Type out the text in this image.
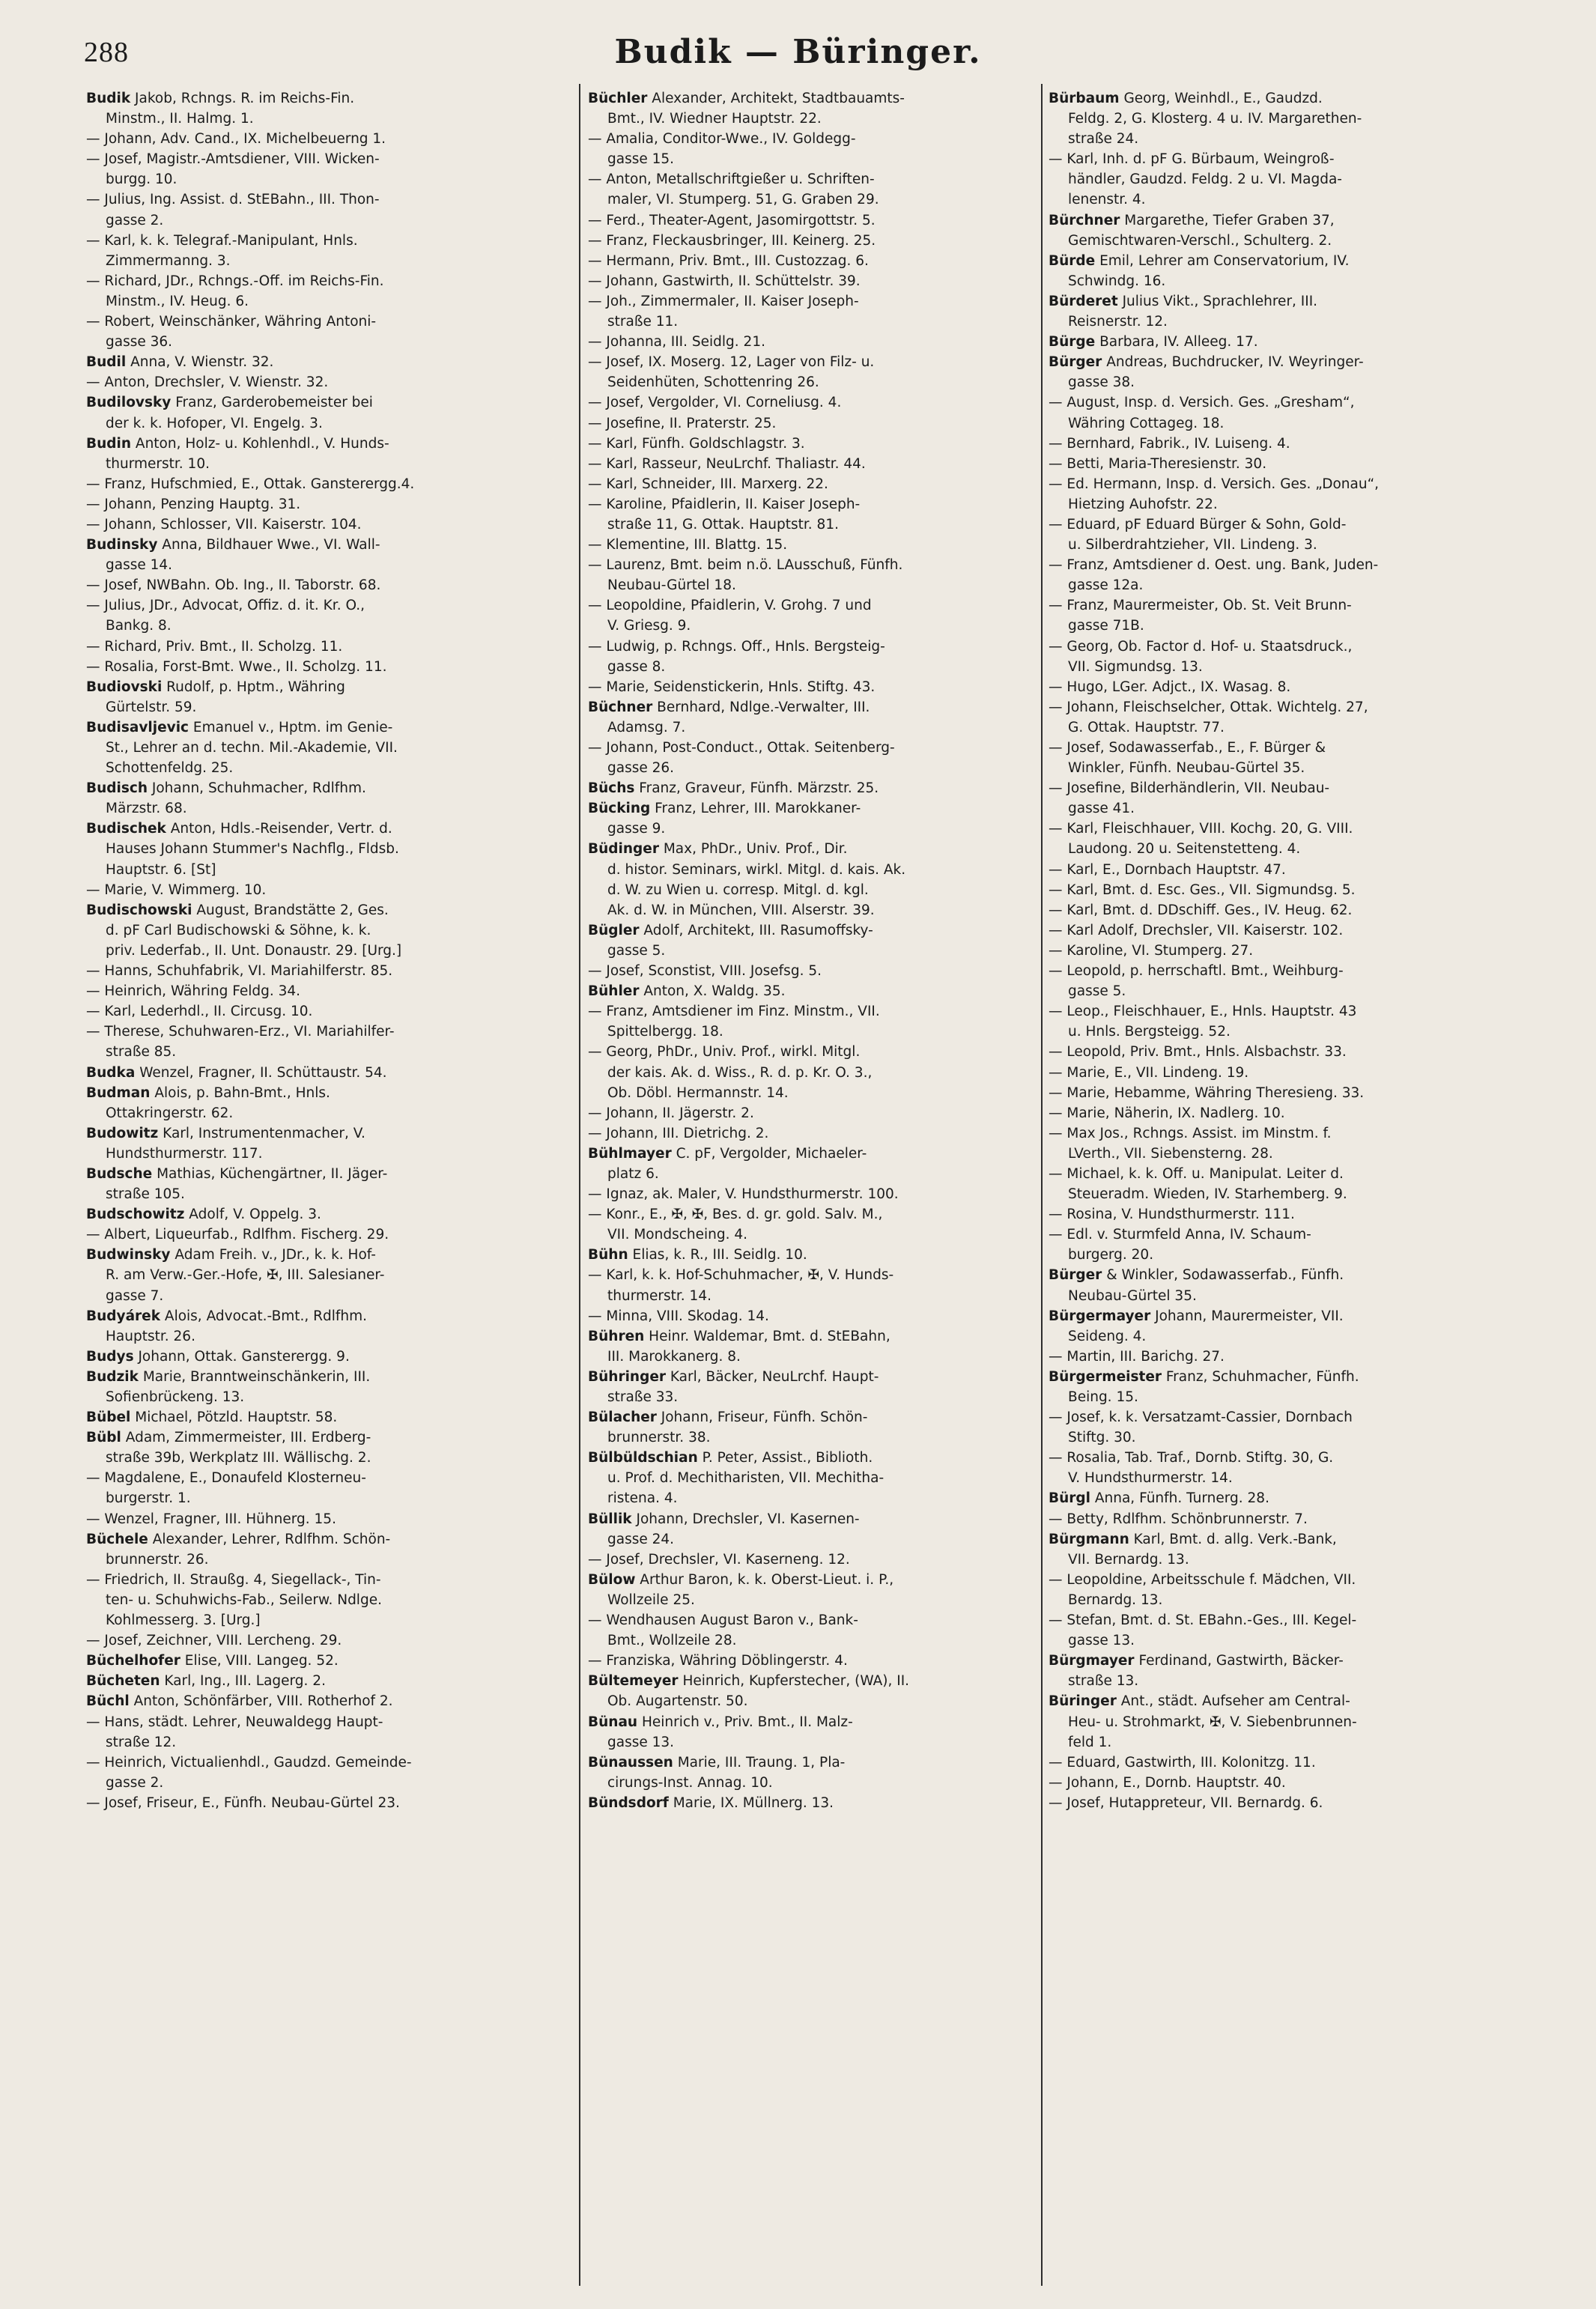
288	Budik — Büringer.
Budik Jakob, Rchngs. R. im Reichs-Fin.
Minstm., II. Halmg. 1.
— Johann, Adv. Cand., IX. Michelbeuerng 1.
— Josef, Magistr.-Amtsdiener, VIII. Wicken-
burgg. 10.
— Julius, Ing. Assist. d. StEBahn., III. Thon-
gasse 2.
— Karl, k. k. Telegraf.-Manipulant, Hnls.
Zimmermanng. 3.
— Richard, JDr., Rchngs.-Off. im Reichs-Fin.
Minstm., IV. Heug. 6.
— Robert, Weinschänker, Währing Antoni-
gasse 36.
Budil Anna, V. Wienstr. 32.
— Anton, Drechsler, V. Wienstr. 32.
Budilovsky Franz, Garderobemeister bei
der k. k. Hofoper, VI. Engelg. 3.
Budin Anton, Holz- u. Kohlenhdl., V. Hunds-
thurmerstr. 10.
— Franz, Hufschmied, E., Ottak. Gansterergg.4.
— Johann, Penzing Hauptg. 31.
— Johann, Schlosser, VII. Kaiserstr. 104.
Budinsky Anna, Bildhauer Wwe., VI. Wall-
gasse 14.
— Josef, NWBahn. Ob. Ing., II. Taborstr. 68.
— Julius, JDr., Advocat, Offiz. d. it. Kr. O.,
Bankg. 8.
— Richard, Priv. Bmt., II. Scholzg. 11.
— Rosalia, Forst-Bmt. Wwe., II. Scholzg. 11.
Budiovski Rudolf, p. Hptm., Währing
Gürtelstr. 59.
Budisavljevic Emanuel v., Hptm. im Genie-
St., Lehrer an d. techn. Mil.-Akademie, VII.
Schottenfeldg. 25.
Budisch Johann, Schuhmacher, Rdlfhm.
Märzstr. 68.
Budischek Anton, Hdls.-Reisender, Vertr. d.
Hauses Johann Stummer's Nachflg., Fldsb.
Hauptstr. 6. [St]
— Marie, V. Wimmerg. 10.
Budischowski August, Brandstätte 2, Ges.
d. pF Carl Budischowski & Söhne, k. k.
priv. Lederfab., II. Unt. Donaustr. 29. [Urg.]
— Hanns, Schuhfabrik, VI. Mariahilferstr. 85.
— Heinrich, Währing Feldg. 34.
— Karl, Lederhdl., II. Circusg. 10.
— Therese, Schuhwaren-Erz., VI. Mariahilfer-
straße 85.
Budka Wenzel, Fragner, II. Schüttaustr. 54.
Budman Alois, p. Bahn-Bmt., Hnls.
Ottakringerstr. 62.
Budowitz Karl, Instrumentenmacher, V.
Hundsthurmerstr. 117.
Budsche Mathias, Küchengärtner, II. Jäger-
straße 105.
Budschowitz Adolf, V. Oppelg. 3.
— Albert, Liqueurfab., Rdlfhm. Fischerg. 29.
Budwinsky Adam Freih. v., JDr., k. k. Hof-
R. am Verw.-Ger.-Hofe, ✠, III. Salesianer-
gasse 7.
Budyárek Alois, Advocat.-Bmt., Rdlfhm.
Hauptstr. 26.
Budys Johann, Ottak. Gansterergg. 9.
Budzik Marie, Branntweinschänkerin, III.
Sofienbrückeng. 13.
Bübel Michael, Pötzld. Hauptstr. 58.
Bübl Adam, Zimmermeister, III. Erdberg-
straße 39b, Werkplatz III. Wällischg. 2.
— Magdalene, E., Donaufeld Klosterneu-
burgerstr. 1.
— Wenzel, Fragner, III. Hühnerg. 15.
Büchele Alexander, Lehrer, Rdlfhm. Schön-
brunnerstr. 26.
— Friedrich, II. Straußg. 4, Siegellack-, Tin-
ten- u. Schuhwichs-Fab., Seilerw. Ndlge.
Kohlmesserg. 3. [Urg.]
— Josef, Zeichner, VIII. Lercheng. 29.
Büchelhofer Elise, VIII. Langeg. 52.
Bücheten Karl, Ing., III. Lagerg. 2.
Büchl Anton, Schönfärber, VIII. Rotherhof 2.
— Hans, städt. Lehrer, Neuwaldegg Haupt-
straße 12.
— Heinrich, Victualienhdl., Gaudzd. Gemeinde-
gasse 2.
— Josef, Friseur, E., Fünfh. Neubau-Gürtel 23.
Büchler Alexander, Architekt, Stadtbauamts-
Bmt., IV. Wiedner Hauptstr. 22.
— Amalia, Conditor-Wwe., IV. Goldegg-
gasse 15.
— Anton, Metallschriftgießer u. Schriften-
maler, VI. Stumperg. 51, G. Graben 29.
— Ferd., Theater-Agent, Jasomirgottstr. 5.
— Franz, Fleckausbringer, III. Keinerg. 25.
— Hermann, Priv. Bmt., III. Custozzag. 6.
— Johann, Gastwirth, II. Schüttelstr. 39.
— Joh., Zimmermaler, II. Kaiser Joseph-
straße 11.
— Johanna, III. Seidlg. 21.
— Josef, IX. Moserg. 12, Lager von Filz- u.
Seidenhüten, Schottenring 26.
— Josef, Vergolder, VI. Corneliusg. 4.
— Josefine, II. Praterstr. 25.
— Karl, Fünfh. Goldschlagstr. 3.
— Karl, Rasseur, NeuLrchf. Thaliastr. 44.
— Karl, Schneider, III. Marxerg. 22.
— Karoline, Pfaidlerin, II. Kaiser Joseph-
straße 11, G. Ottak. Hauptstr. 81.
— Klementine, III. Blattg. 15.
— Laurenz, Bmt. beim n.ö. LAusschuß, Fünfh.
Neubau-Gürtel 18.
— Leopoldine, Pfaidlerin, V. Grohg. 7 und
V. Griesg. 9.
— Ludwig, p. Rchngs. Off., Hnls. Bergsteig-
gasse 8.
— Marie, Seidenstickerin, Hnls. Stiftg. 43.
Büchner Bernhard, Ndlge.-Verwalter, III.
Adamsg. 7.
— Johann, Post-Conduct., Ottak. Seitenberg-
gasse 26.
Büchs Franz, Graveur, Fünfh. Märzstr. 25.
Bücking Franz, Lehrer, III. Marokkaner-
gasse 9.
Büdinger Max, PhDr., Univ. Prof., Dir.
d. histor. Seminars, wirkl. Mitgl. d. kais. Ak.
d. W. zu Wien u. corresp. Mitgl. d. kgl.
Ak. d. W. in München, VIII. Alserstr. 39.
Bügler Adolf, Architekt, III. Rasumoffsky-
gasse 5.
— Josef, Sconstist, VIII. Josefsg. 5.
Bühler Anton, X. Waldg. 35.
— Franz, Amtsdiener im Finz. Minstm., VII.
Spittelbergg. 18.
— Georg, PhDr., Univ. Prof., wirkl. Mitgl.
der kais. Ak. d. Wiss., R. d. p. Kr. O. 3.,
Ob. Döbl. Hermannstr. 14.
— Johann, II. Jägerstr. 2.
— Johann, III. Dietrichg. 2.
Bühlmayer C. pF, Vergolder, Michaeler-
platz 6.
— Ignaz, ak. Maler, V. Hundsthurmerstr. 100.
— Konr., E., ✠, ✠, Bes. d. gr. gold. Salv. M.,
VII. Mondscheing. 4.
Bühn Elias, k. R., III. Seidlg. 10.
— Karl, k. k. Hof-Schuhmacher, ✠, V. Hunds-
thurmerstr. 14.
— Minna, VIII. Skodag. 14.
Bühren Heinr. Waldemar, Bmt. d. StEBahn,
III. Marokkanerg. 8.
Bühringer Karl, Bäcker, NeuLrchf. Haupt-
straße 33.
Bülacher Johann, Friseur, Fünfh. Schön-
brunnerstr. 38.
Bülbüldschian P. Peter, Assist., Biblioth.
u. Prof. d. Mechitharisten, VII. Mechitha-
ristena. 4.
Büllik Johann, Drechsler, VI. Kasernen-
gasse 24.
— Josef, Drechsler, VI. Kaserneng. 12.
Bülow Arthur Baron, k. k. Oberst-Lieut. i. P.,
Wollzeile 25.
— Wendhausen August Baron v., Bank-
Bmt., Wollzeile 28.
— Franziska, Währing Döblingerstr. 4.
Bültemeyer Heinrich, Kupferstecher, (WA), II.
Ob. Augartenstr. 50.
Bünau Heinrich v., Priv. Bmt., II. Malz-
gasse 13.
Bünaussen Marie, III. Traung. 1, Pla-
cirungs-Inst. Annag. 10.
Bündsdorf Marie, IX. Müllnerg. 13.
Bürbaum Georg, Weinhdl., E., Gaudzd.
Feldg. 2, G. Klosterg. 4 u. IV. Margarethen-
straße 24.
— Karl, Inh. d. pF G. Bürbaum, Weingroß-
händler, Gaudzd. Feldg. 2 u. VI. Magda-
lenenstr. 4.
Bürchner Margarethe, Tiefer Graben 37,
Gemischtwaren-Verschl., Schulterg. 2.
Bürde Emil, Lehrer am Conservatorium, IV.
Schwindg. 16.
Bürderet Julius Vikt., Sprachlehrer, III.
Reisnerstr. 12.
Bürge Barbara, IV. Alleeg. 17.
Bürger Andreas, Buchdrucker, IV. Weyringer-
gasse 38.
— August, Insp. d. Versich. Ges. „Gresham“,
Währing Cottageg. 18.
— Bernhard, Fabrik., IV. Luiseng. 4.
— Betti, Maria-Theresienstr. 30.
— Ed. Hermann, Insp. d. Versich. Ges. „Donau“,
Hietzing Auhofstr. 22.
— Eduard, pF Eduard Bürger & Sohn, Gold-
u. Silberdrahtzieher, VII. Lindeng. 3.
— Franz, Amtsdiener d. Oest. ung. Bank, Juden-
gasse 12a.
— Franz, Maurermeister, Ob. St. Veit Brunn-
gasse 71B.
— Georg, Ob. Factor d. Hof- u. Staatsdruck.,
VII. Sigmundsg. 13.
— Hugo, LGer. Adjct., IX. Wasag. 8.
— Johann, Fleischselcher, Ottak. Wichtelg. 27,
G. Ottak. Hauptstr. 77.
— Josef, Sodawasserfab., E., F. Bürger &
Winkler, Fünfh. Neubau-Gürtel 35.
— Josefine, Bilderhändlerin, VII. Neubau-
gasse 41.
— Karl, Fleischhauer, VIII. Kochg. 20, G. VIII.
Laudong. 20 u. Seitenstetteng. 4.
— Karl, E., Dornbach Hauptstr. 47.
— Karl, Bmt. d. Esc. Ges., VII. Sigmundsg. 5.
— Karl, Bmt. d. DDschiff. Ges., IV. Heug. 62.
— Karl Adolf, Drechsler, VII. Kaiserstr. 102.
— Karoline, VI. Stumperg. 27.
— Leopold, p. herrschaftl. Bmt., Weihburg-
gasse 5.
— Leop., Fleischhauer, E., Hnls. Hauptstr. 43
u. Hnls. Bergsteigg. 52.
— Leopold, Priv. Bmt., Hnls. Alsbachstr. 33.
— Marie, E., VII. Lindeng. 19.
— Marie, Hebamme, Währing Theresieng. 33.
— Marie, Näherin, IX. Nadlerg. 10.
— Max Jos., Rchngs. Assist. im Minstm. f.
LVerth., VII. Siebensterng. 28.
— Michael, k. k. Off. u. Manipulat. Leiter d.
Steueradm. Wieden, IV. Starhemberg. 9.
— Rosina, V. Hundsthurmerstr. 111.
— Edl. v. Sturmfeld Anna, IV. Schaum-
burgerg. 20.
Bürger & Winkler, Sodawasserfab., Fünfh.
Neubau-Gürtel 35.
Bürgermayer Johann, Maurermeister, VII.
Seideng. 4.
— Martin, III. Barichg. 27.
Bürgermeister Franz, Schuhmacher, Fünfh.
Being. 15.
— Josef, k. k. Versatzamt-Cassier, Dornbach
Stiftg. 30.
— Rosalia, Tab. Traf., Dornb. Stiftg. 30, G.
V. Hundsthurmerstr. 14.
Bürgl Anna, Fünfh. Turnerg. 28.
— Betty, Rdlfhm. Schönbrunnerstr. 7.
Bürgmann Karl, Bmt. d. allg. Verk.-Bank,
VII. Bernardg. 13.
— Leopoldine, Arbeitsschule f. Mädchen, VII.
Bernardg. 13.
— Stefan, Bmt. d. St. EBahn.-Ges., III. Kegel-
gasse 13.
Bürgmayer Ferdinand, Gastwirth, Bäcker-
straße 13.
Büringer Ant., städt. Aufseher am Central-
Heu- u. Strohmarkt, ✠, V. Siebenbrunnen-
feld 1.
— Eduard, Gastwirth, III. Kolonitzg. 11.
— Johann, E., Dornb. Hauptstr. 40.
— Josef, Hutappreteur, VII. Bernardg. 6.
